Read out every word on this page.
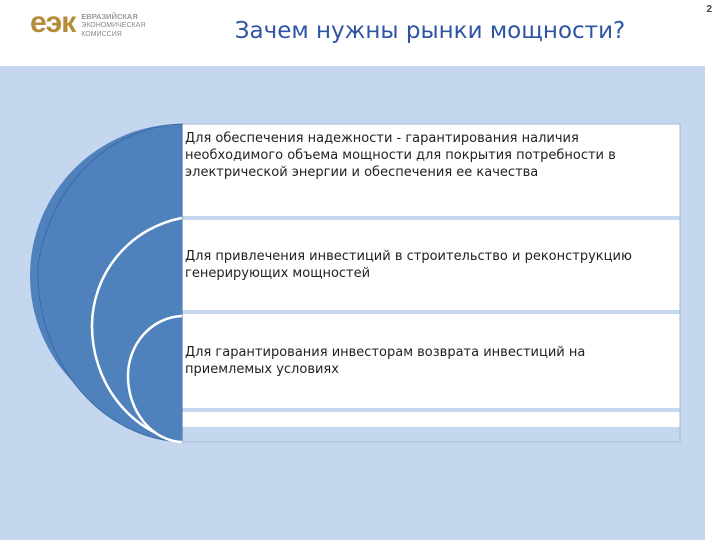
еэк ЕВРАЗИЙСКАЯ
ЭКОНОМИЧЕСКАЯ
КОМИССИЯ	Зачем нужны рынки мощности?
2
Для обеспечения надежности - гарантирования наличия необходимого объема мощности для покрытия потребности в электрической энергии и обеспечения ее качества
Для привлечения инвестиций в строительство и реконструкцию генерирующих мощностей
Для гарантирования инвесторам возврата инвестиций на приемлемых условиях
